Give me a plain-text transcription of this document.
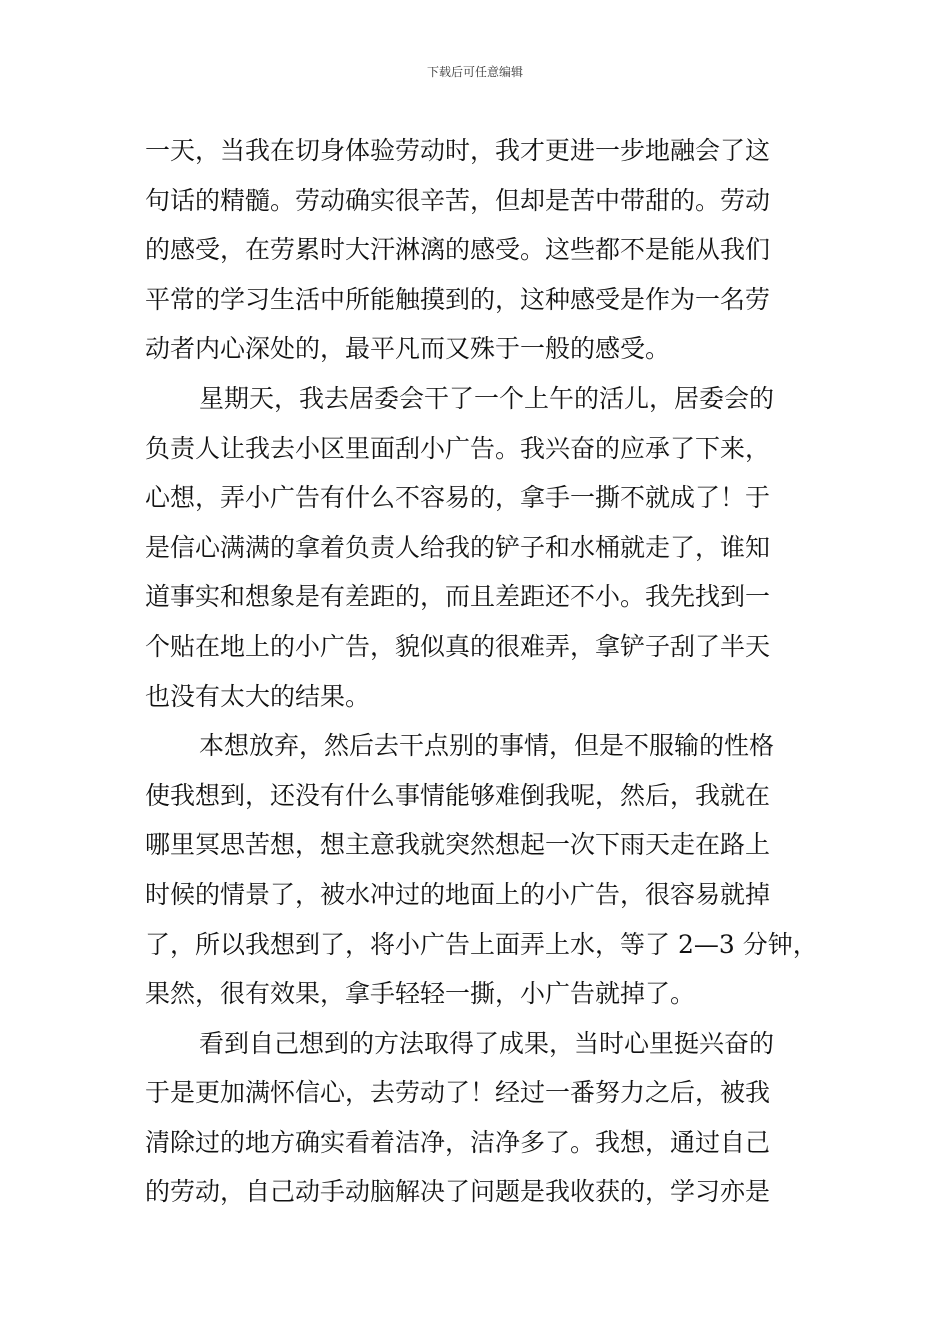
下载后可任意编辑
一天，当我在切身体验劳动时，我才更进一步地融会了这
句话的精髓。劳动确实很辛苦，但却是苦中带甜的。劳动
的感受，在劳累时大汗淋漓的感受。这些都不是能从我们
平常的学习生活中所能触摸到的，这种感受是作为一名劳
动者内心深处的，最平凡而又殊于一般的感受。
星期天，我去居委会干了一个上午的活儿，居委会的
负责人让我去小区里面刮小广告。我兴奋的应承了下来，
心想，弄小广告有什么不容易的，拿手一撕不就成了！于
是信心满满的拿着负责人给我的铲子和水桶就走了，谁知
道事实和想象是有差距的，而且差距还不小。我先找到一
个贴在地上的小广告，貌似真的很难弄，拿铲子刮了半天
也没有太大的结果。
本想放弃，然后去干点别的事情，但是不服输的性格
使我想到，还没有什么事情能够难倒我呢，然后，我就在
哪里冥思苦想，想主意我就突然想起一次下雨天走在路上
时候的情景了，被水冲过的地面上的小广告，很容易就掉
了，所以我想到了，将小广告上面弄上水，等了 2—3 分钟，
果然，很有效果，拿手轻轻一撕，小广告就掉了。
看到自己想到的方法取得了成果，当时心里挺兴奋的
于是更加满怀信心，去劳动了！经过一番努力之后，被我
清除过的地方确实看着洁净，洁净多了。我想，通过自己
的劳动，自己动手动脑解决了问题是我收获的，学习亦是
